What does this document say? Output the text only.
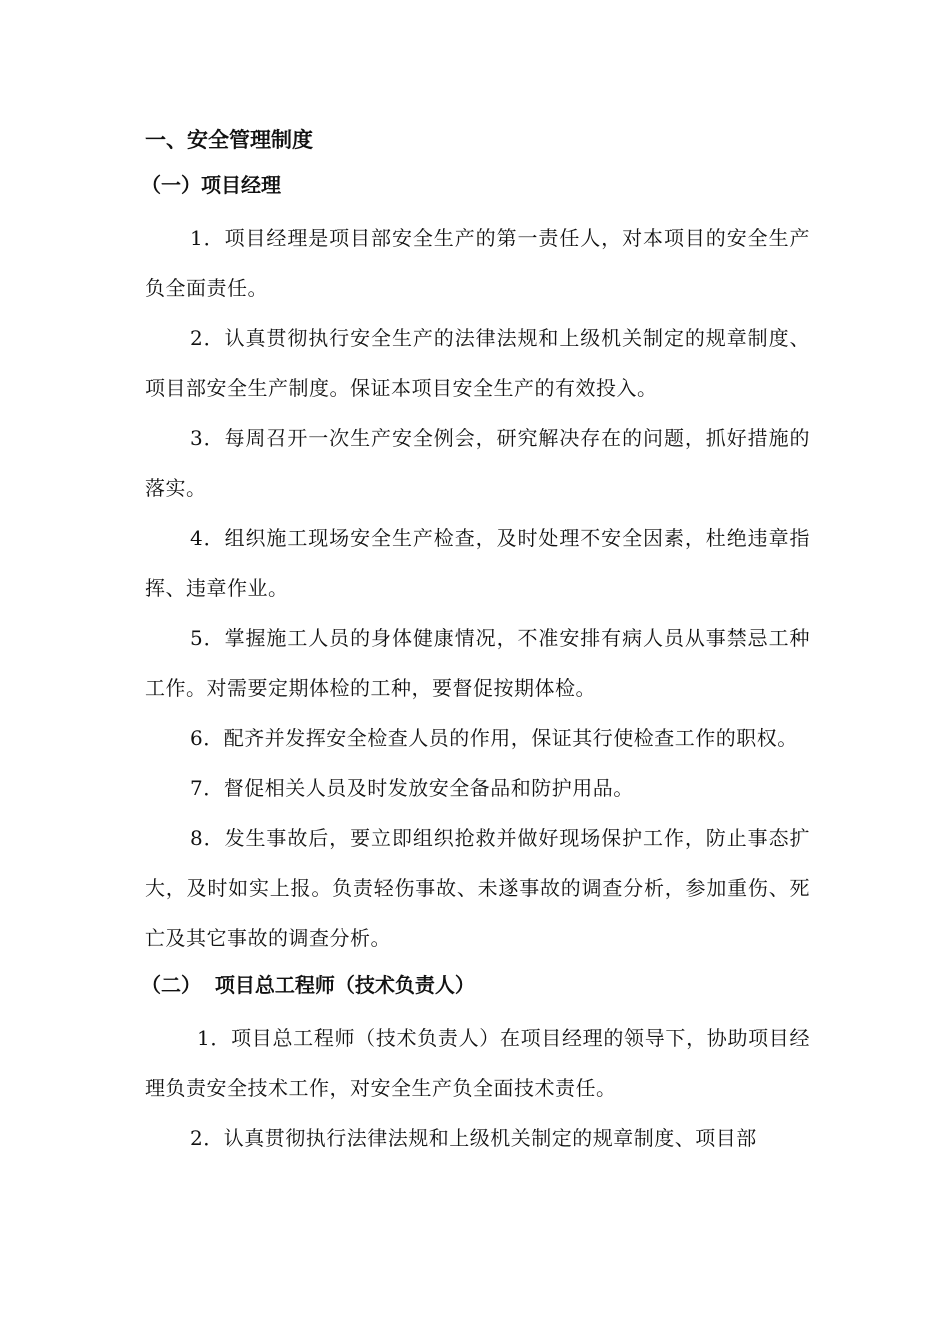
一、安全管理制度
（一）项目经理

1．项目经理是项目部安全生产的第一责任人，对本项目的安全生产负全面责任。

2．认真贯彻执行安全生产的法律法规和上级机关制定的规章制度、项目部安全生产制度。保证本项目安全生产的有效投入。

3．每周召开一次生产安全例会，研究解决存在的问题，抓好措施的落实。

4．组织施工现场安全生产检查，及时处理不安全因素，杜绝违章指挥、违章作业。

5．掌握施工人员的身体健康情况，不准安排有病人员从事禁忌工种工作。对需要定期体检的工种，要督促按期体检。

6．配齐并发挥安全检查人员的作用，保证其行使检查工作的职权。

7．督促相关人员及时发放安全备品和防护用品。

8．发生事故后，要立即组织抢救并做好现场保护工作，防止事态扩大，及时如实上报。负责轻伤事故、未遂事故的调查分析，参加重伤、死亡及其它事故的调查分析。

（二）  项目总工程师（技术负责人）

1．项目总工程师（技术负责人）在项目经理的领导下，协助项目经理负责安全技术工作，对安全生产负全面技术责任。

2．认真贯彻执行法律法规和上级机关制定的规章制度、项目部
